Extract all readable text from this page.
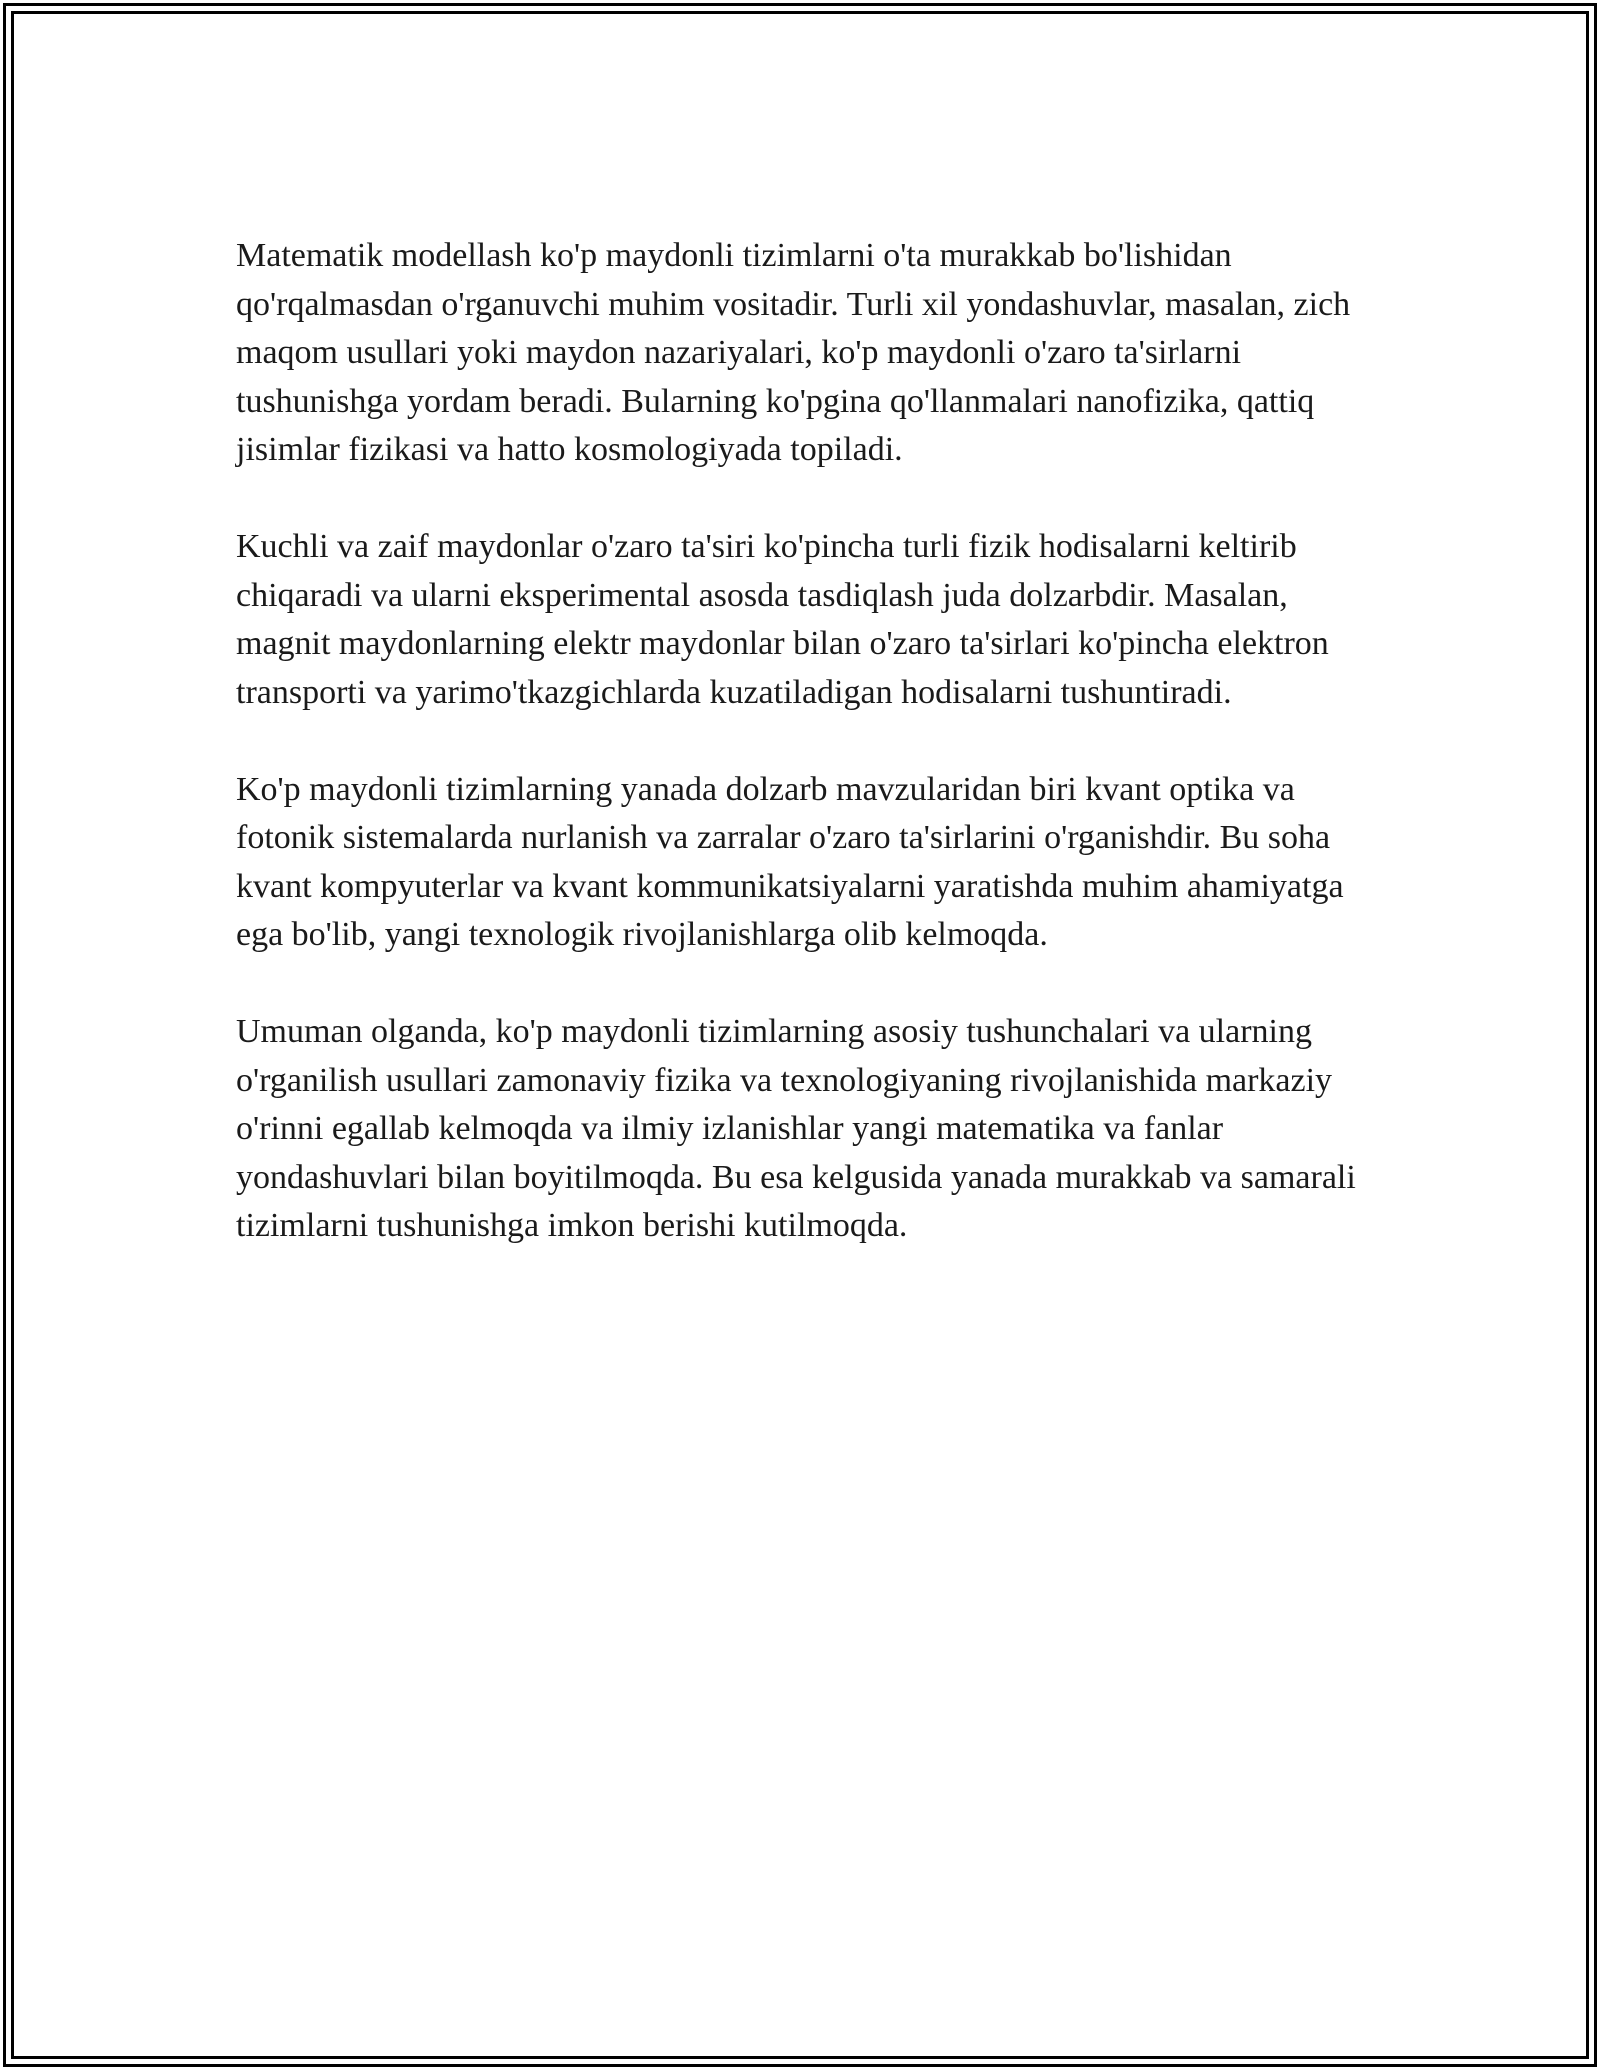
Matematik modellash ko'p maydonli tizimlarni o'ta murakkab bo'lishidan qo'rqalmasdan o'rganuvchi muhim vositadir. Turli xil yondashuvlar, masalan, zich maqom usullari yoki maydon nazariyalari, ko'p maydonli o'zaro ta'sirlarni tushunishga yordam beradi. Bularning ko'pgina qo'llanmalari nanofizika, qattiq jisimlar fizikasi va hatto kosmologiyada topiladi.

Kuchli va zaif maydonlar o'zaro ta'siri ko'pincha turli fizik hodisalarni keltirib chiqaradi va ularni eksperimental asosda tasdiqlash juda dolzarbdir. Masalan, magnit maydonlarning elektr maydonlar bilan o'zaro ta'sirlari ko'pincha elektron transporti va yarimo'tkazgichlarda kuzatiladigan hodisalarni tushuntiradi.

Ko'p maydonli tizimlarning yanada dolzarb mavzularidan biri kvant optika va fotonik sistemalarda nurlanish va zarralar o'zaro ta'sirlarini o'rganishdir. Bu soha kvant kompyuterlar va kvant kommunikatsiyalarni yaratishda muhim ahamiyatga ega bo'lib, yangi texnologik rivojlanishlarga olib kelmoqda.

Umuman olganda, ko'p maydonli tizimlarning asosiy tushunchalari va ularning o'rganilish usullari zamonaviy fizika va texnologiyaning rivojlanishida markaziy o'rinni egallab kelmoqda va ilmiy izlanishlar yangi matematika va fanlar yondashuvlari bilan boyitilmoqda. Bu esa kelgusida yanada murakkab va samarali tizimlarni tushunishga imkon berishi kutilmoqda.
